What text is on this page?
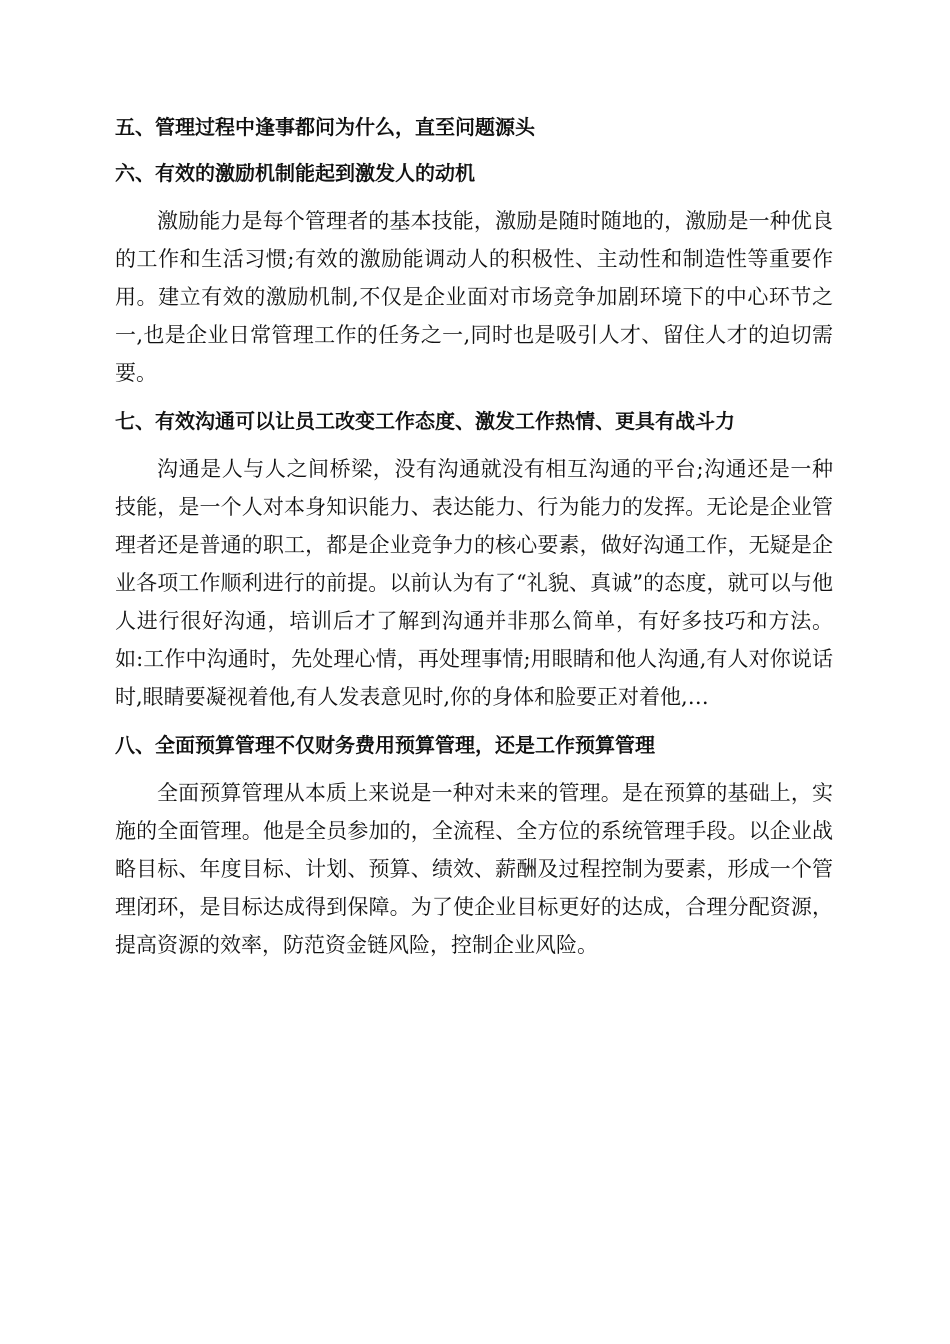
五、管理过程中逢事都问为什么，直至问题源头
六、有效的激励机制能起到激发人的动机

激励能力是每个管理者的基本技能，激励是随时随地的，激励是一种优良的工作和生活习惯;有效的激励能调动人的积极性、主动性和制造性等重要作用。建立有效的激励机制,不仅是企业面对市场竞争加剧环境下的中心环节之一,也是企业日常管理工作的任务之一,同时也是吸引人才、留住人才的迫切需要。

七、有效沟通可以让员工改变工作态度、激发工作热情、更具有战斗力

沟通是人与人之间桥梁，没有沟通就没有相互沟通的平台;沟通还是一种技能，是一个人对本身知识能力、表达能力、行为能力的发挥。无论是企业管理者还是普通的职工，都是企业竞争力的核心要素，做好沟通工作，无疑是企业各项工作顺利进行的前提。以前认为有了“礼貌、真诚”的态度，就可以与他人进行很好沟通，培训后才了解到沟通并非那么简单，有好多技巧和方法。如:工作中沟通时，先处理心情，再处理事情;用眼睛和他人沟通,有人对你说话时,眼睛要凝视着他,有人发表意见时,你的身体和脸要正对着他,…

八、全面预算管理不仅财务费用预算管理，还是工作预算管理

全面预算管理从本质上来说是一种对未来的管理。是在预算的基础上，实施的全面管理。他是全员参加的，全流程、全方位的系统管理手段。以企业战略目标、年度目标、计划、预算、绩效、薪酬及过程控制为要素，形成一个管理闭环，是目标达成得到保障。为了使企业目标更好的达成，合理分配资源，提高资源的效率，防范资金链风险，控制企业风险。
